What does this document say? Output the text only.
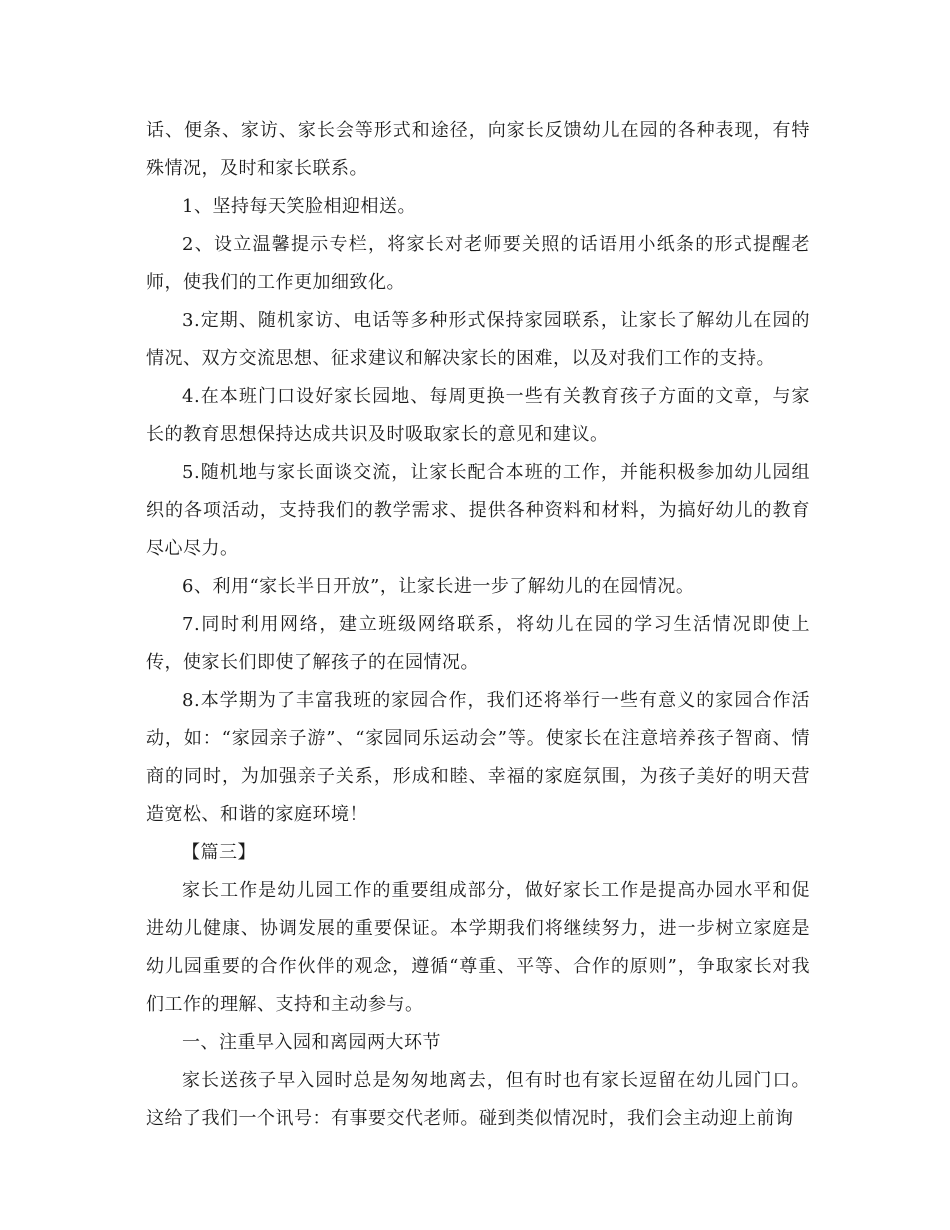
话、便条、家访、家长会等形式和途径，向家长反馈幼儿在园的各种表现，有特殊情况，及时和家长联系。

1、坚持每天笑脸相迎相送。

2、设立温馨提示专栏，将家长对老师要关照的话语用小纸条的形式提醒老师，使我们的工作更加细致化。

3.定期、随机家访、电话等多种形式保持家园联系，让家长了解幼儿在园的情况、双方交流思想、征求建议和解决家长的困难，以及对我们工作的支持。

4.在本班门口设好家长园地、每周更换一些有关教育孩子方面的文章，与家长的教育思想保持达成共识及时吸取家长的意见和建议。

5.随机地与家长面谈交流，让家长配合本班的工作，并能积极参加幼儿园组织的各项活动，支持我们的教学需求、提供各种资料和材料，为搞好幼儿的教育尽心尽力。

6、利用“家长半日开放”，让家长进一步了解幼儿的在园情况。

7.同时利用网络，建立班级网络联系，将幼儿在园的学习生活情况即使上传，使家长们即使了解孩子的在园情况。

8.本学期为了丰富我班的家园合作，我们还将举行一些有意义的家园合作活动，如：“家园亲子游”、“家园同乐运动会”等。使家长在注意培养孩子智商、情商的同时，为加强亲子关系，形成和睦、幸福的家庭氛围，为孩子美好的明天营造宽松、和谐的家庭环境！

【篇三】

家长工作是幼儿园工作的重要组成部分，做好家长工作是提高办园水平和促进幼儿健康、协调发展的重要保证。本学期我们将继续努力，进一步树立家庭是幼儿园重要的合作伙伴的观念，遵循“尊重、平等、合作的原则”，争取家长对我们工作的理解、支持和主动参与。

一、注重早入园和离园两大环节

家长送孩子早入园时总是匆匆地离去，但有时也有家长逗留在幼儿园门口。这给了我们一个讯号：有事要交代老师。碰到类似情况时，我们会主动迎上前询
